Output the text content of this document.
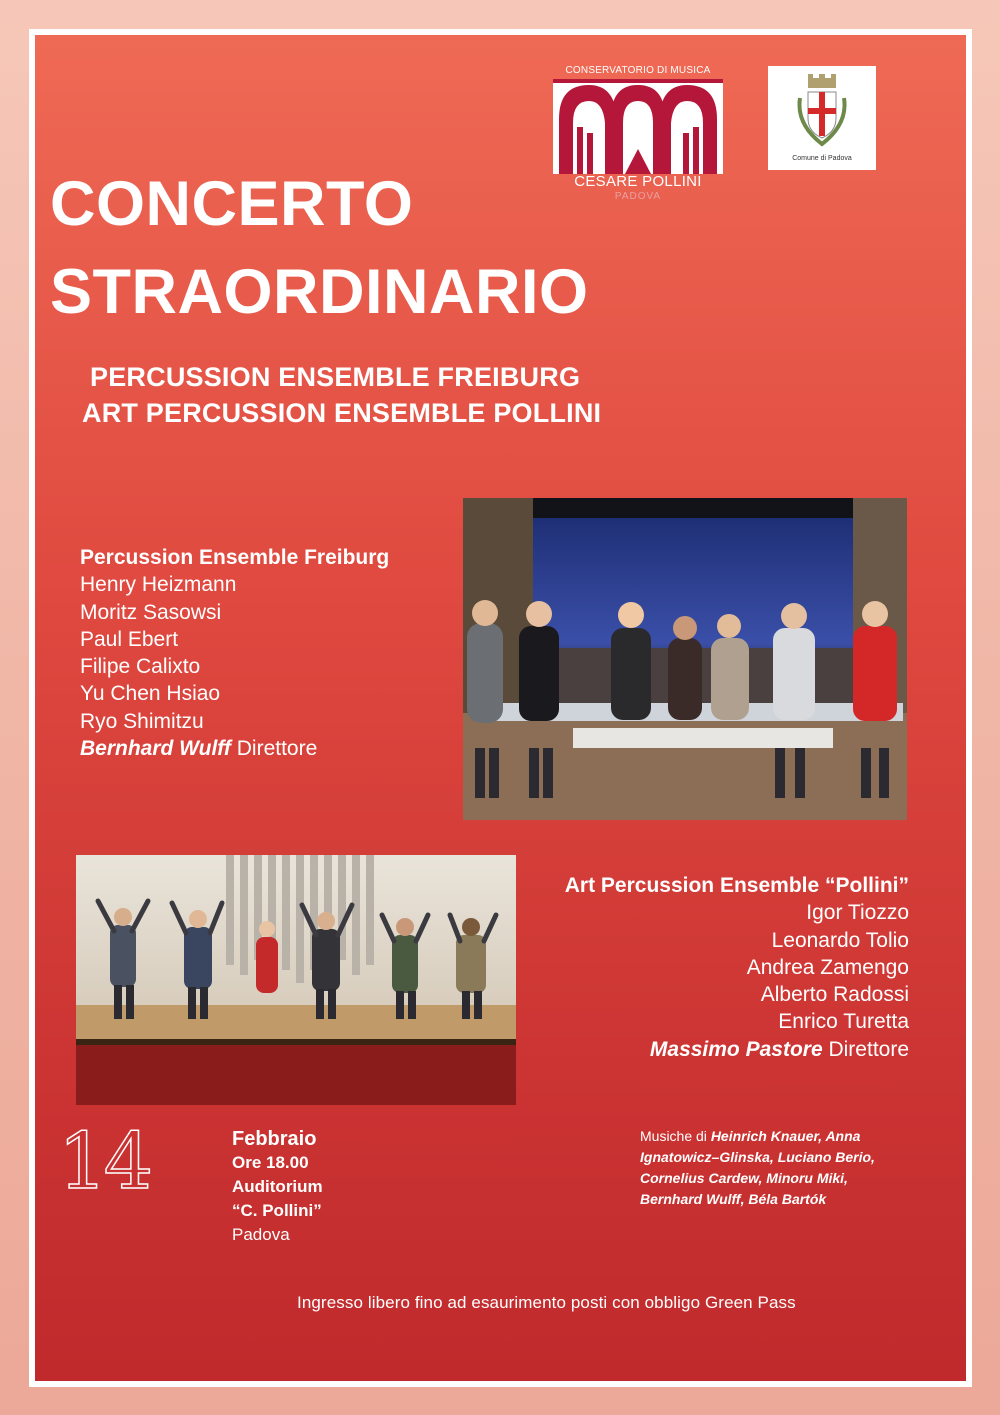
CONSERVATORIO DI MUSICA
CESARE POLLINI
PADOVA
Comune di Padova
CONCERTO
STRAORDINARIO
PERCUSSION ENSEMBLE FREIBURG
ART PERCUSSION ENSEMBLE POLLINI
Percussion Ensemble Freiburg
Henry Heizmann
Moritz Sasowsi
Paul Ebert
Filipe Calixto
Yu Chen Hsiao
Ryo Shimitzu
Bernhard Wulff Direttore
Art Percussion Ensemble “Pollini”
Igor Tiozzo
Leonardo Tolio
Andrea Zamengo
Alberto Radossi
Enrico Turetta
Massimo Pastore Direttore
14	Febbraio
Ore 18.00
Auditorium
“C. Pollini”
Padova
Musiche di Heinrich Knauer, Anna Ignatowicz–Glinska, Luciano Berio, Cornelius Cardew, Minoru Miki, Bernhard Wulff, Béla Bartók
Ingresso libero fino ad esaurimento posti con obbligo Green Pass
